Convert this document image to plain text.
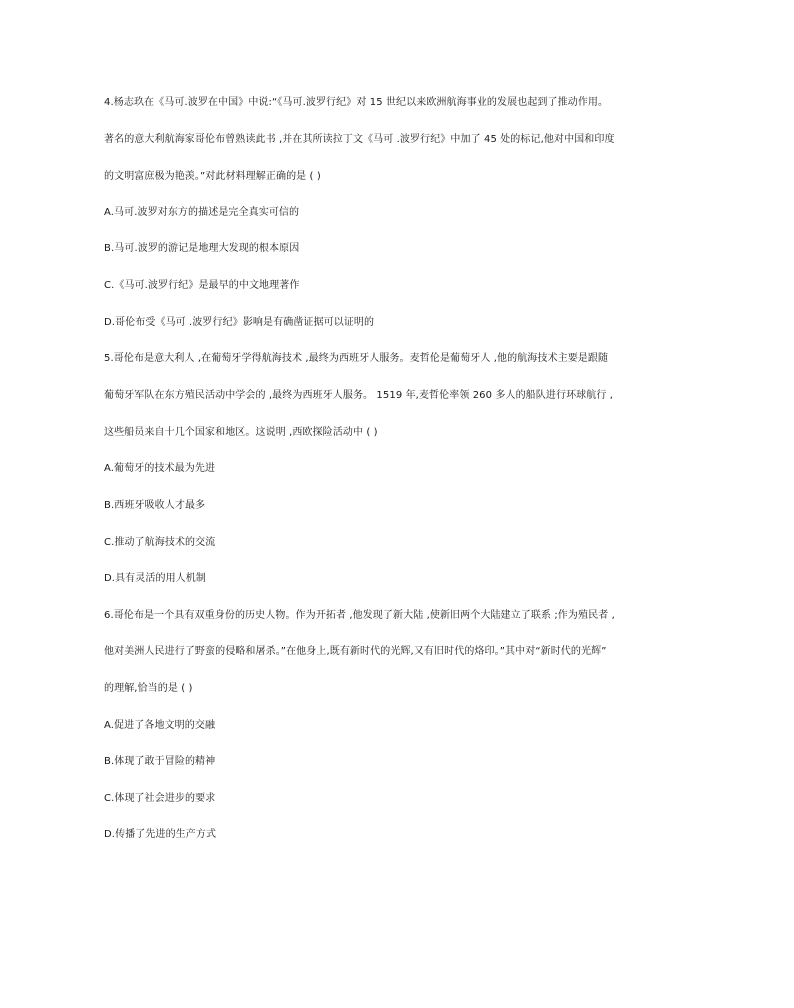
4.杨志玖在《马可.波罗在中国》中说:“《马可.波罗行纪》对 15 世纪以来欧洲航海事业的发展也起到了推动作用。
著名的意大利航海家哥伦布曾熟读此书 ,并在其所读拉丁文《马可 .波罗行纪》中加了 45 处的标记,他对中国和印度
的文明富庶极为艳羡。”对此材料理解正确的是 ( )
A.马可.波罗对东方的描述是完全真实可信的
B.马可.波罗的游记是地理大发现的根本原因
C.《马可.波罗行纪》是最早的中文地理著作
D.哥伦布受《马可 .波罗行纪》影响是有确凿证据可以证明的
5.哥伦布是意大利人 ,在葡萄牙学得航海技术 ,最终为西班牙人服务。麦哲伦是葡萄牙人 ,他的航海技术主要是跟随
葡萄牙军队在东方殖民活动中学会的 ,最终为西班牙人服务。 1519 年,麦哲伦率领 260 多人的船队进行环球航行 ,
这些船员来自十几个国家和地区。这说明 ,西欧探险活动中 ( )
A.葡萄牙的技术最为先进
B.西班牙吸收人才最多
C.推动了航海技术的交流
D.具有灵活的用人机制
6.哥伦布是一个具有双重身份的历史人物。作为开拓者 ,他发现了新大陆 ,使新旧两个大陆建立了联系 ;作为殖民者 ,
他对美洲人民进行了野蛮的侵略和屠杀。”在他身上,既有新时代的光辉,又有旧时代的烙印。”其中对“新时代的光辉”
的理解,恰当的是 ( )
A.促进了各地文明的交融
B.体现了敢于冒险的精神
C.体现了社会进步的要求
D.传播了先进的生产方式
